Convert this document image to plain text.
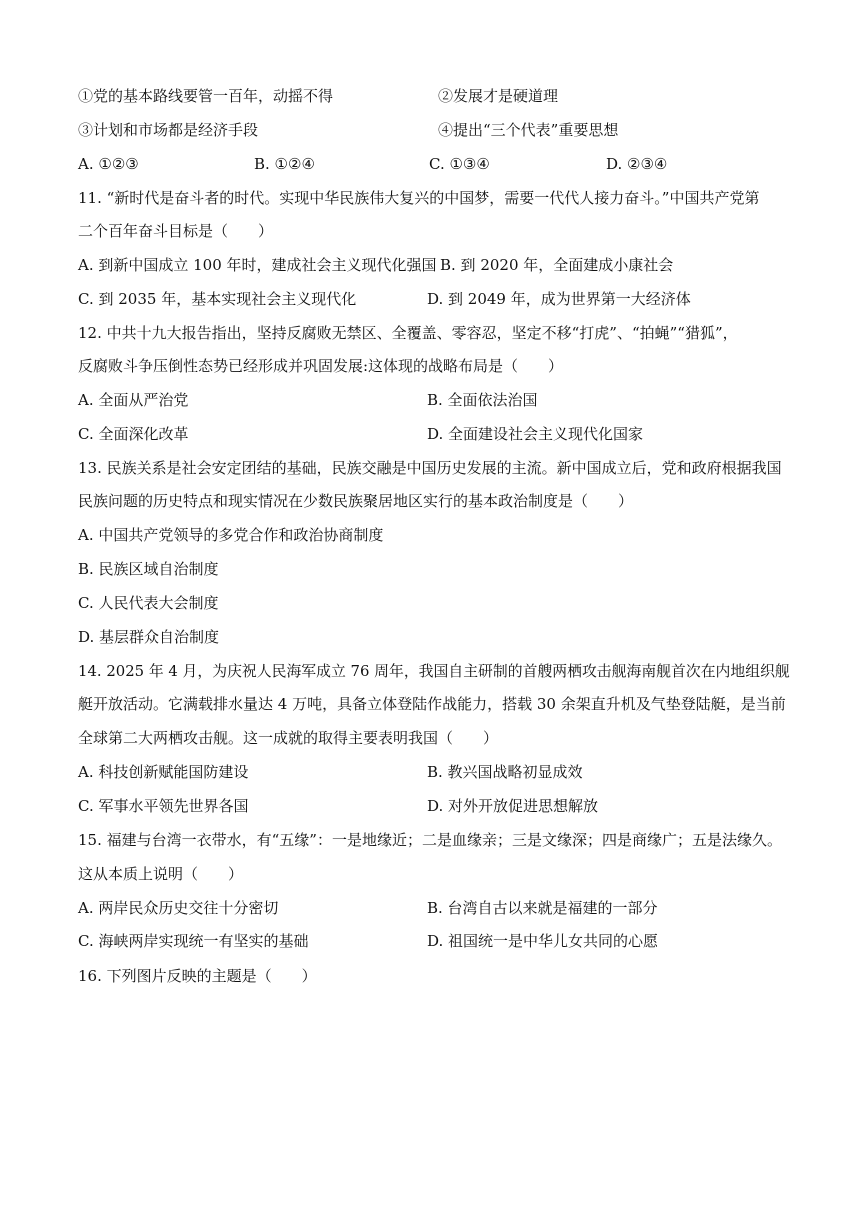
①党的基本路线要管一百年，动摇不得	②发展才是硬道理
③计划和市场都是经济手段	④提出“三个代表”重要思想
A. ①②③	B. ①②④	C. ①③④	D. ②③④
11. “新时代是奋斗者的时代。实现中华民族伟大复兴的中国梦，需要一代代人接力奋斗。”中国共产党第
二个百年奋斗目标是（　　）
A. 到新中国成立 100 年时，建成社会主义现代化强国 B. 到 2020 年，全面建成小康社会
C. 到 2035 年，基本实现社会主义现代化	D. 到 2049 年，成为世界第一大经济体
12. 中共十九大报告指出，坚持反腐败无禁区、全覆盖、零容忍，坚定不移“打虎”、“拍蝇”“猎狐”，
反腐败斗争压倒性态势已经形成并巩固发展:这体现的战略布局是（　　）
A. 全面从严治党	B. 全面依法治国
C. 全面深化改革	D. 全面建设社会主义现代化国家
13. 民族关系是社会安定团结的基础，民族交融是中国历史发展的主流。新中国成立后，党和政府根据我国
民族问题的历史特点和现实情况在少数民族聚居地区实行的基本政治制度是（　　）
A. 中国共产党领导的多党合作和政治协商制度
B. 民族区域自治制度
C. 人民代表大会制度
D. 基层群众自治制度
14. 2025 年 4 月，为庆祝人民海军成立 76 周年，我国自主研制的首艘两栖攻击舰海南舰首次在内地组织舰
艇开放活动。它满载排水量达 4 万吨，具备立体登陆作战能力，搭载 30 余架直升机及气垫登陆艇，是当前
全球第二大两栖攻击舰。这一成就的取得主要表明我国（　　）
A. 科技创新赋能国防建设	B. 教兴国战略初显成效
C. 军事水平领先世界各国	D. 对外开放促进思想解放
15. 福建与台湾一衣带水，有“五缘”：一是地缘近；二是血缘亲；三是文缘深；四是商缘广；五是法缘久。
这从本质上说明（　　）
A. 两岸民众历史交往十分密切	B. 台湾自古以来就是福建的一部分
C. 海峡两岸实现统一有坚实的基础	D. 祖国统一是中华儿女共同的心愿
16. 下列图片反映的主题是（　　）
